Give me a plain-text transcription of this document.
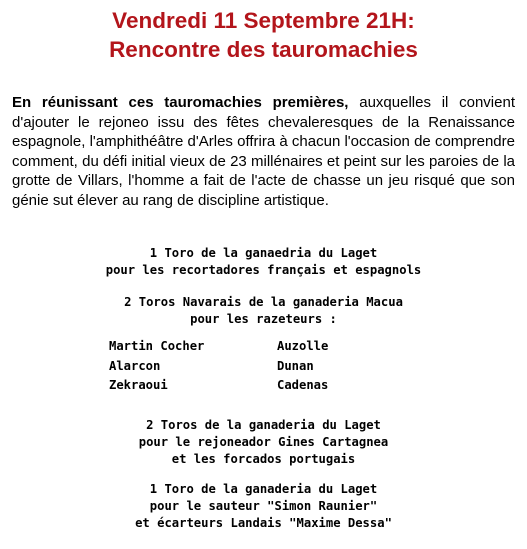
Vendredi 11 Septembre 21H:
Rencontre des tauromachies
En réunissant ces tauromachies premières, auxquelles il convient d'ajouter le rejoneo issu des fêtes chevaleresques de la Renaissance espagnole, l'amphithéâtre d'Arles offrira à chacun l'occasion de comprendre comment, du défi initial vieux de 23 millénaires et peint sur les paroies de la grotte de Villars, l'homme a fait de l'acte de chasse un jeu risqué que son génie sut élever au rang de discipline artistique.
1 Toro de la ganaedria du Laget
pour les recortadores français et espagnols
2 Toros Navarais de la ganaderia Macua
pour les razeteurs :
Martin Cocher	Auzolle
Alarcon	Dunan
Zekraoui	Cadenas
2 Toros de la ganaderia du Laget
pour le rejoneador Gines Cartagnea
et les forcados portugais
1 Toro de la ganaderia du Laget
pour le sauteur "Simon Raunier"
et écarteurs Landais "Maxime Dessa"
